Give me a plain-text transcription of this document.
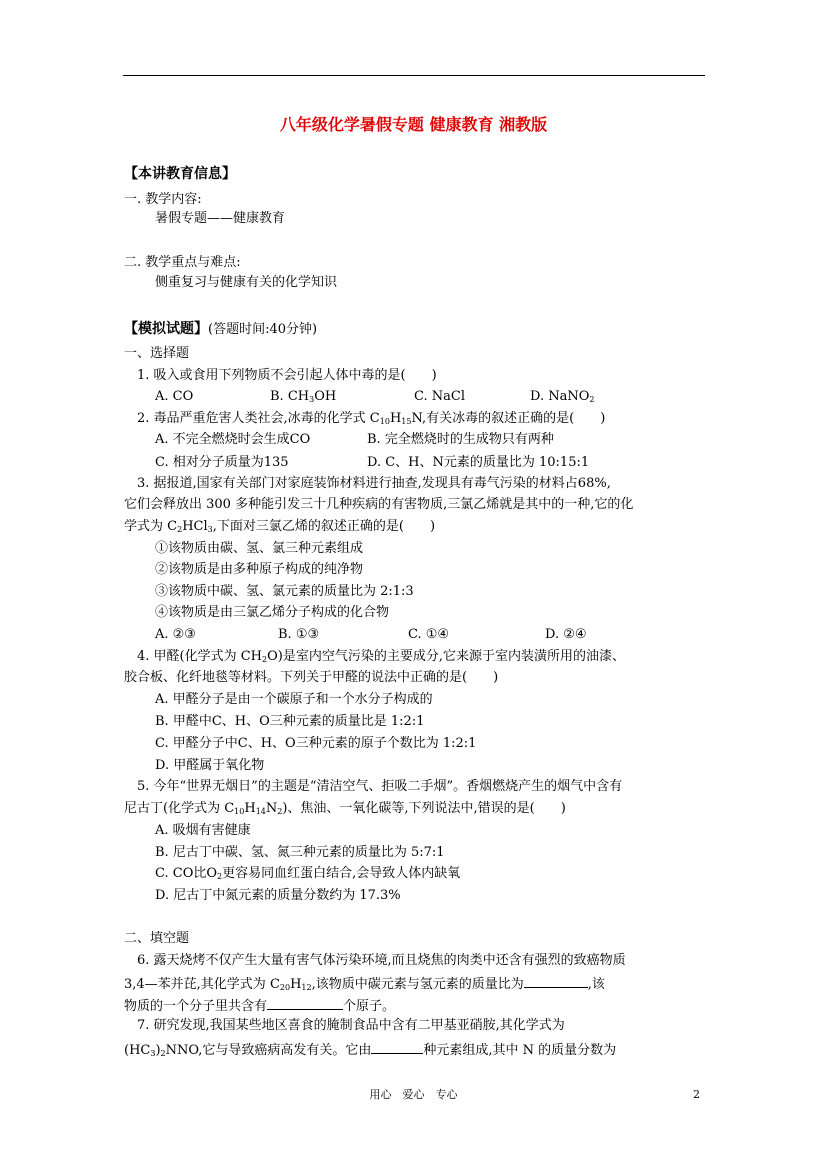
八年级化学暑假专题 健康教育 湘教版
【本讲教育信息】
一. 教学内容:
暑假专题——健康教育
二. 教学重点与难点:
侧重复习与健康有关的化学知识
【模拟试题】(答题时间:40分钟)
一、选择题
1. 吸入或食用下列物质不会引起人体中毒的是(　　)
A. CO	B. $CH_3OH$	C. NaCl	D. NaNO$_2$
2. 毒品严重危害人类社会,冰毒的化学式 $C_{10}H_{15}N$,有关冰毒的叙述正确的是(　　)
A. 不完全燃烧时会生成CO	B. 完全燃烧时的生成物只有两种
C. 相对分子质量为135	D. C、H、N元素的质量比为 10:15:1
3. 据报道,国家有关部门对家庭装饰材料进行抽查,发现具有毒气污染的材料占68%,
它们会释放出 300 多种能引发三十几种疾病的有害物质,三氯乙烯就是其中的一种,它的化
学式为 $C_2HCl_3$,下面对三氯乙烯的叙述正确的是(　　)
①该物质由碳、氢、氯三种元素组成
②该物质是由多种原子构成的纯净物
③该物质中碳、氢、氯元素的质量比为 2:1:3
④该物质是由三氯乙烯分子构成的化合物
A. ②③	B. ①③	C. ①④	D. ②④
4. 甲醛(化学式为 $CH_2O$)是室内空气污染的主要成分,它来源于室内装潢所用的油漆、
胶合板、化纤地毯等材料。下列关于甲醛的说法中正确的是(　　)
A. 甲醛分子是由一个碳原子和一个水分子构成的
B. 甲醛中C、H、O三种元素的质量比是 1:2:1
C. 甲醛分子中C、H、O三种元素的原子个数比为 1:2:1
D. 甲醛属于氧化物
5. 今年“世界无烟日”的主题是“清洁空气、拒吸二手烟”。香烟燃烧产生的烟气中含有
尼古丁(化学式为 $C_{10}H_{14}N_2$)、焦油、一氧化碳等,下列说法中,错误的是(　　)
A. 吸烟有害健康
B. 尼古丁中碳、氢、氮三种元素的质量比为 5:7:1
C. CO比$O_2$更容易同血红蛋白结合,会导致人体内缺氧
D. 尼古丁中氮元素的质量分数约为 17.3%
二、填空题
6. 露天烧烤不仅产生大量有害气体污染环境,而且烧焦的肉类中还含有强烈的致癌物质
3,4—苯并芘,其化学式为 $C_{20}H_{12}$,该物质中碳元素与氢元素的质量比为	,该
物质的一个分子里共含有	个原子。
7. 研究发现,我国某些地区喜食的腌制食品中含有二甲基亚硝胺,其化学式为
$(HC_3)_2NNO$,它与导致癌病高发有关。它由	种元素组成,其中 N 的质量分数为
用心　爱心　专心	2
